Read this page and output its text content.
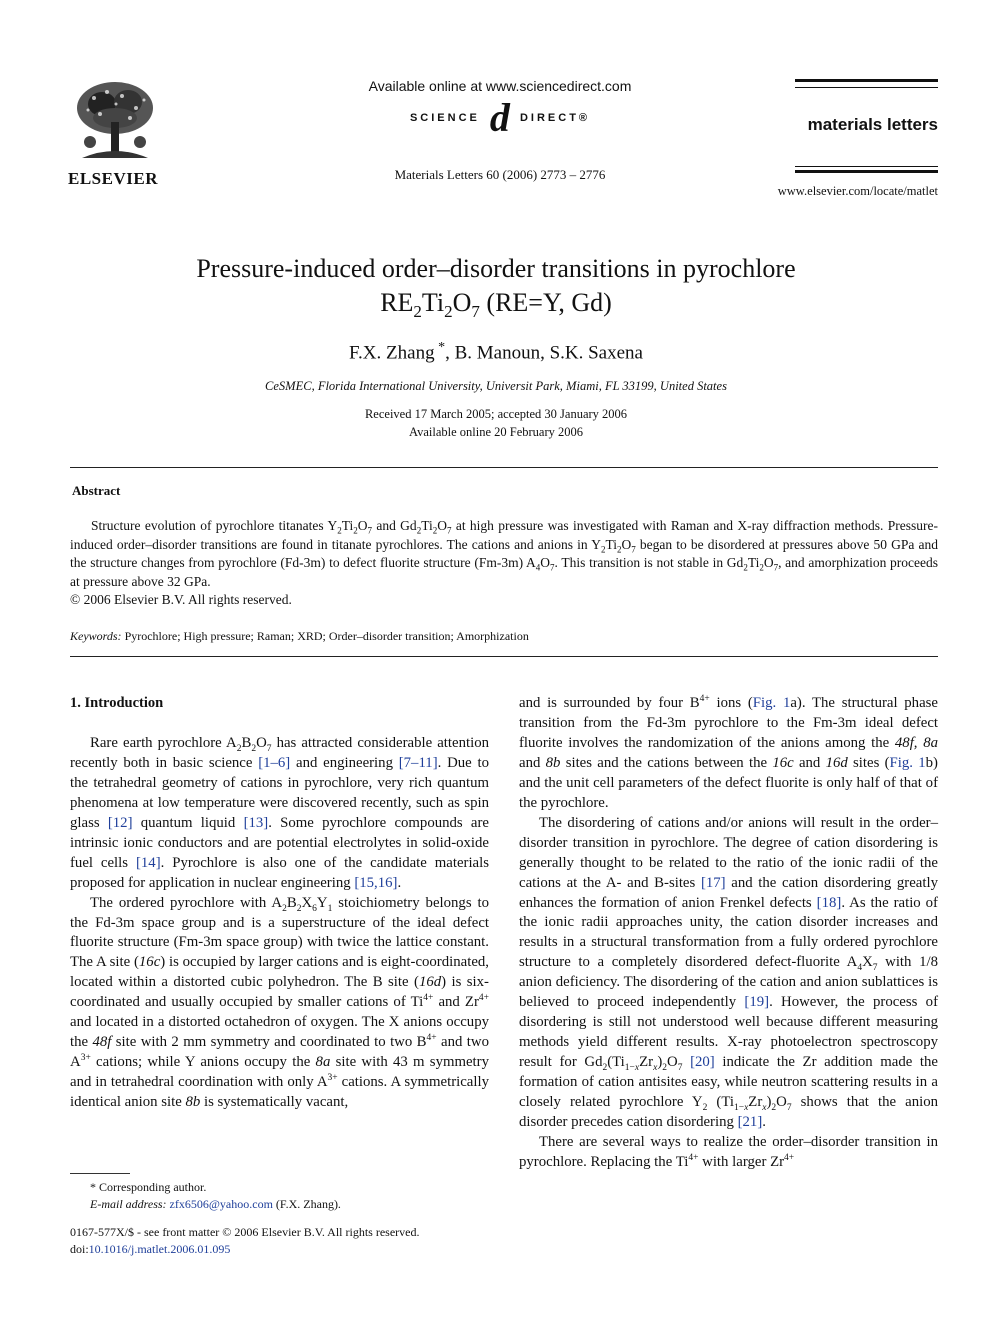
ELSEVIER
Available online at www.sciencedirect.com
SCIENCE d DIRECT®
Materials Letters 60 (2006) 2773 – 2776
materials letters
www.elsevier.com/locate/matlet
Pressure-induced order–disorder transitions in pyrochlore
$RE_2Ti_2O_7$ (RE=Y, Gd)
F.X. Zhang *, B. Manoun, S.K. Saxena
CeSMEC, Florida International University, Universit Park, Miami, FL 33199, United States
Received 17 March 2005; accepted 30 January 2006
Available online 20 February 2006
Abstract

Structure evolution of pyrochlore titanates $Y_2Ti_2O_7$ and $Gd_2Ti_2O_7$ at high pressure was investigated with Raman and X-ray diffraction methods. Pressure-induced order–disorder transitions are found in titanate pyrochlores. The cations and anions in $Y_2Ti_2O_7$ began to be disordered at pressures above 50 GPa and the structure changes from pyrochlore (Fd-3m) to defect fluorite structure (Fm-3m) $A_4O_7$. This transition is not stable in $Gd_2Ti_2O_7$, and amorphization proceeds at pressure above 32 GPa.

© 2006 Elsevier B.V. All rights reserved.
Keywords: Pyrochlore; High pressure; Raman; XRD; Order–disorder transition; Amorphization

1. Introduction

Rare earth pyrochlore $A_2B_2O_7$ has attracted considerable attention recently both in basic science [1–6] and engineering [7–11]. Due to the tetrahedral geometry of cations in pyrochlore, very rich quantum phenomena at low temperature were discovered recently, such as spin glass [12] quantum liquid [13]. Some pyrochlore compounds are intrinsic ionic conductors and are potential electrolytes in solid-oxide fuel cells [14]. Pyrochlore is also one of the candidate materials proposed for application in nuclear engineering [15,16].

The ordered pyrochlore with $A_2B_2X_6Y_1$ stoichiometry belongs to the Fd-3m space group and is a superstructure of the ideal defect fluorite structure (Fm-3m space group) with twice the lattice constant. The A site (16c) is occupied by larger cations and is eight-coordinated, located within a distorted cubic polyhedron. The B site (16d) is six-coordinated and usually occupied by smaller cations of $Ti^{4+}$ and $Zr^{4+}$ and located in a distorted octahedron of oxygen. The X anions occupy the 48f site with 2 mm symmetry and coordinated to two $B^{4+}$ and two $A^{3+}$ cations; while Y anions occupy the 8a site with 43 m symmetry and in tetrahedral coordination with only $A^{3+}$ cations. A symmetrically identical anion site 8b is systematically vacant,

and is surrounded by four $B^{4+}$ ions (Fig. 1a). The structural phase transition from the Fd-3m pyrochlore to the Fm-3m ideal defect fluorite involves the randomization of the anions among the 48f, 8a and 8b sites and the cations between the 16c and 16d sites (Fig. 1b) and the unit cell parameters of the defect fluorite is only half of that of the pyrochlore.

The disordering of cations and/or anions will result in the order–disorder transition in pyrochlore. The degree of cation disordering is generally thought to be related to the ratio of the ionic radii of the cations at the A- and B-sites [17] and the cation disordering greatly enhances the formation of anion Frenkel defects [18]. As the ratio of the ionic radii approaches unity, the cation disorder increases and results in a structural transformation from a fully ordered pyrochlore structure to a completely disordered defect-fluorite $A_4X_7$ with 1/8 anion deficiency. The disordering of the cation and anion sublattices is believed to proceed independently [19]. However, the process of disordering is still not understood well because different measuring methods yield different results. X-ray photoelectron spectroscopy result for $Gd_2(Ti_{1-x}Zr_x)_2O_7$ [20] indicate the Zr addition made the formation of cation antisites easy, while neutron scattering results in a closely related pyrochlore $Y_2$ $(Ti_{1-x}Zr_x)_2O_7$ shows that the anion disorder precedes cation disordering [21].

There are several ways to realize the order–disorder transition in pyrochlore. Replacing the $Ti^{4+}$ with larger $Zr^{4+}$

* Corresponding author.
E-mail address: zfx6506@yahoo.com (F.X. Zhang).
0167-577X/$ - see front matter © 2006 Elsevier B.V. All rights reserved.
doi:10.1016/j.matlet.2006.01.095
